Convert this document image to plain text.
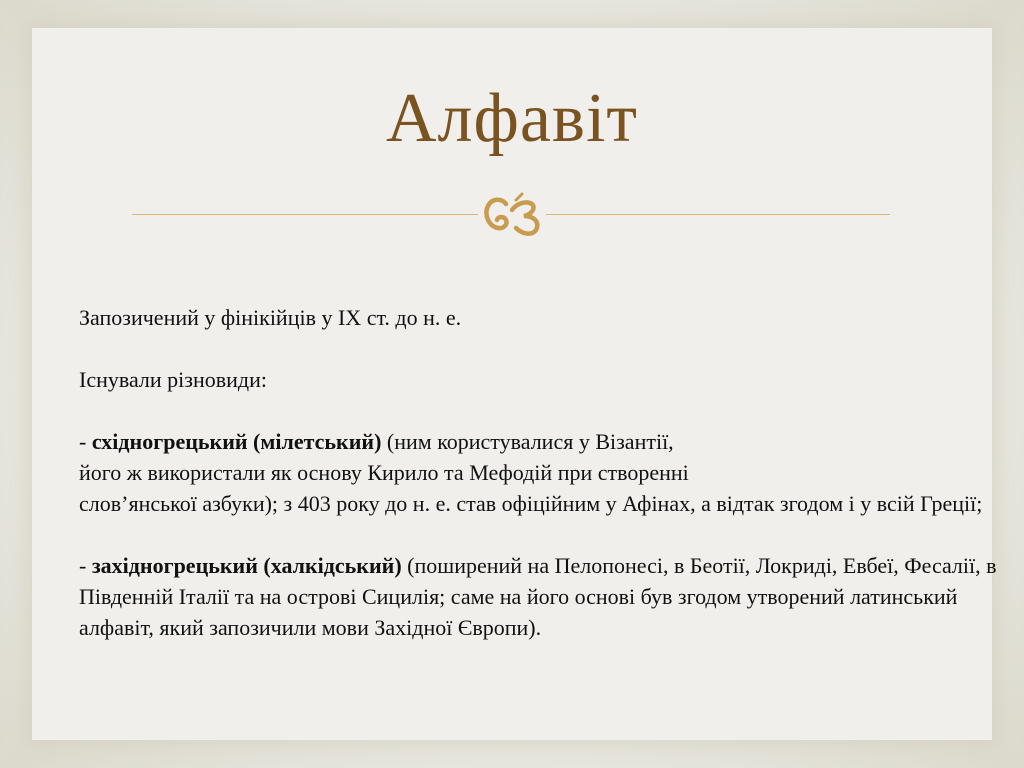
Алфавіт

Запозичений у фінікійців у IX ст. до н. е.

Існували різновиди:

- східногрецький (мілетський) (ним користувалися у Візантії,
його ж використали як основу Кирило та Мефодій при створенні
слов’янської азбуки); з 403 року до н. е. став офіційним у Афінах, а відтак згодом і у всій Греції;

- західногрецький (халкідський) (поширений на Пелопонесі, в Беотії, Локриді, Евбеї, Фесалії, в Південній Італії та на острові Сицилія; саме на його основі був згодом утворений латинський алфавіт, який запозичили мови Західної Європи).
